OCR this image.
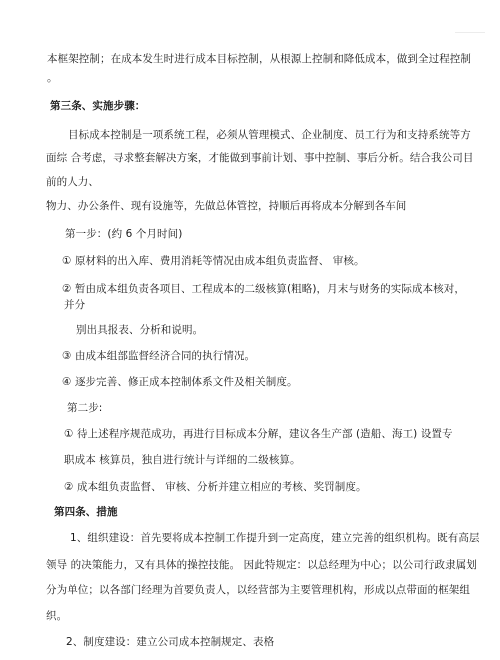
本框架控制；在成本发生时进行成本目标控制，从根源上控制和降低成本，做到全过程控制
。
第三条、实施步骤：
目标成本控制是一项系统工程，必须从管理模式、企业制度、员工行为和支持系统等方
面综 合考虑，寻求整套解决方案，才能做到事前计划、事中控制、事后分析。结合我公司目
前的人力、
物力、办公条件、现有设施等，先做总体管控，持顺后再将成本分解到各车间
第一步：(约 6 个月时间)
① 原材料的出入库、费用消耗等情况由成本组负责监督、 审核。
② 暂由成本组负责各项目、工程成本的二级核算(粗略)，月末与财务的实际成本核对，
并分
别出具报表、分析和说明。
③ 由成本组部监督经济合同的执行情况。
④ 逐步完善、修正成本控制体系文件及相关制度。
第二步:
① 待上述程序规范成功，再进行目标成本分解，建议各生产部 (造船、海工) 设置专
职成本 核算员，独自进行统计与详细的二级核算。
② 成本组负责监督、 审核、分析并建立相应的考核、奖罚制度。
第四条、措施
1、组织建设：首先要将成本控制工作提升到一定高度，建立完善的组织机构。既有高层
领导 的决策能力，又有具体的操控技能。 因此特规定：以总经理为中心；以公司行政隶属划
分为单位；以各部门经理为首要负责人，以经营部为主要管理机构，形成以点带面的框架组
织。
2、制度建设：建立公司成本控制规定、表格
